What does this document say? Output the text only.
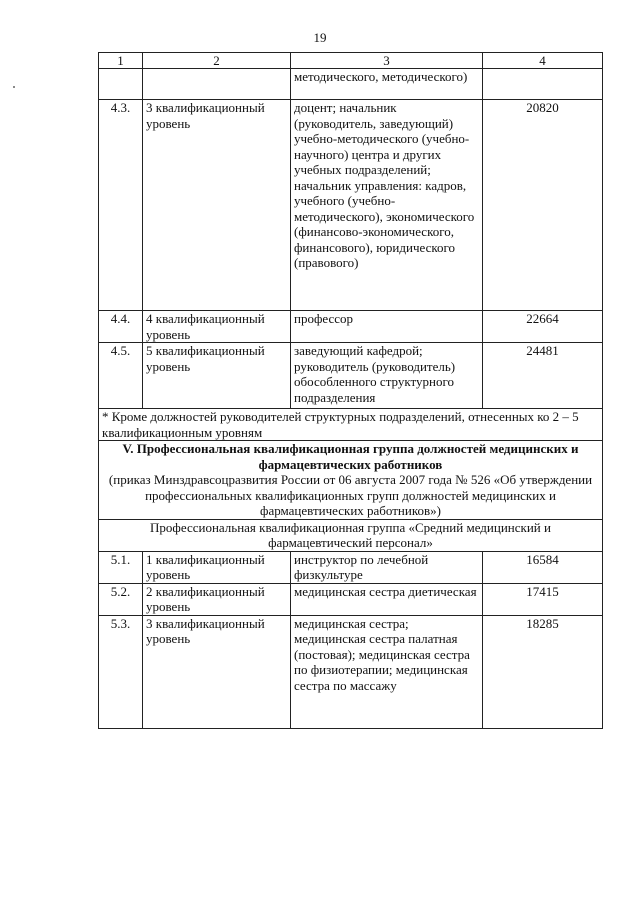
19
1	2	3	4
		методического, методического)	
4.3.	3 квалификационный уровень	доцент; начальник (руководитель, заведующий) учебно-методического (учебно-научного) центра и других учебных подразделений; начальник управления: кадров, учебного (учебно-методического), экономического (финансово-экономического, финансового), юридического (правового)	20820
4.4.	4 квалификационный уровень	профессор	22664
4.5.	5 квалификационный уровень	заведующий кафедрой; руководитель (руководитель) обособленного структурного подразделения	24481
* Кроме должностей руководителей структурных подразделений, отнесенных ко 2 – 5 квалификационным уровням			

V. Профессиональная квалификационная группа должностей медицинских и фармацевтических работников
(приказ Минздравсоцразвития России от 06 августа 2007 года № 526 «Об утверждении профессиональных квалификационных групп должностей медицинских и фармацевтических работников»)			

Профессиональная квалификационная группа «Средний медицинский и фармацевтический персонал»			
5.1.	1 квалификационный уровень	инструктор по лечебной физкультуре	16584
5.2.	2 квалификационный уровень	медицинская сестра диетическая	17415
5.3.	3 квалификационный уровень	медицинская сестра; медицинская сестра палатная (постовая); медицинская сестра по физиотерапии; медицинская сестра по массажу	18285
